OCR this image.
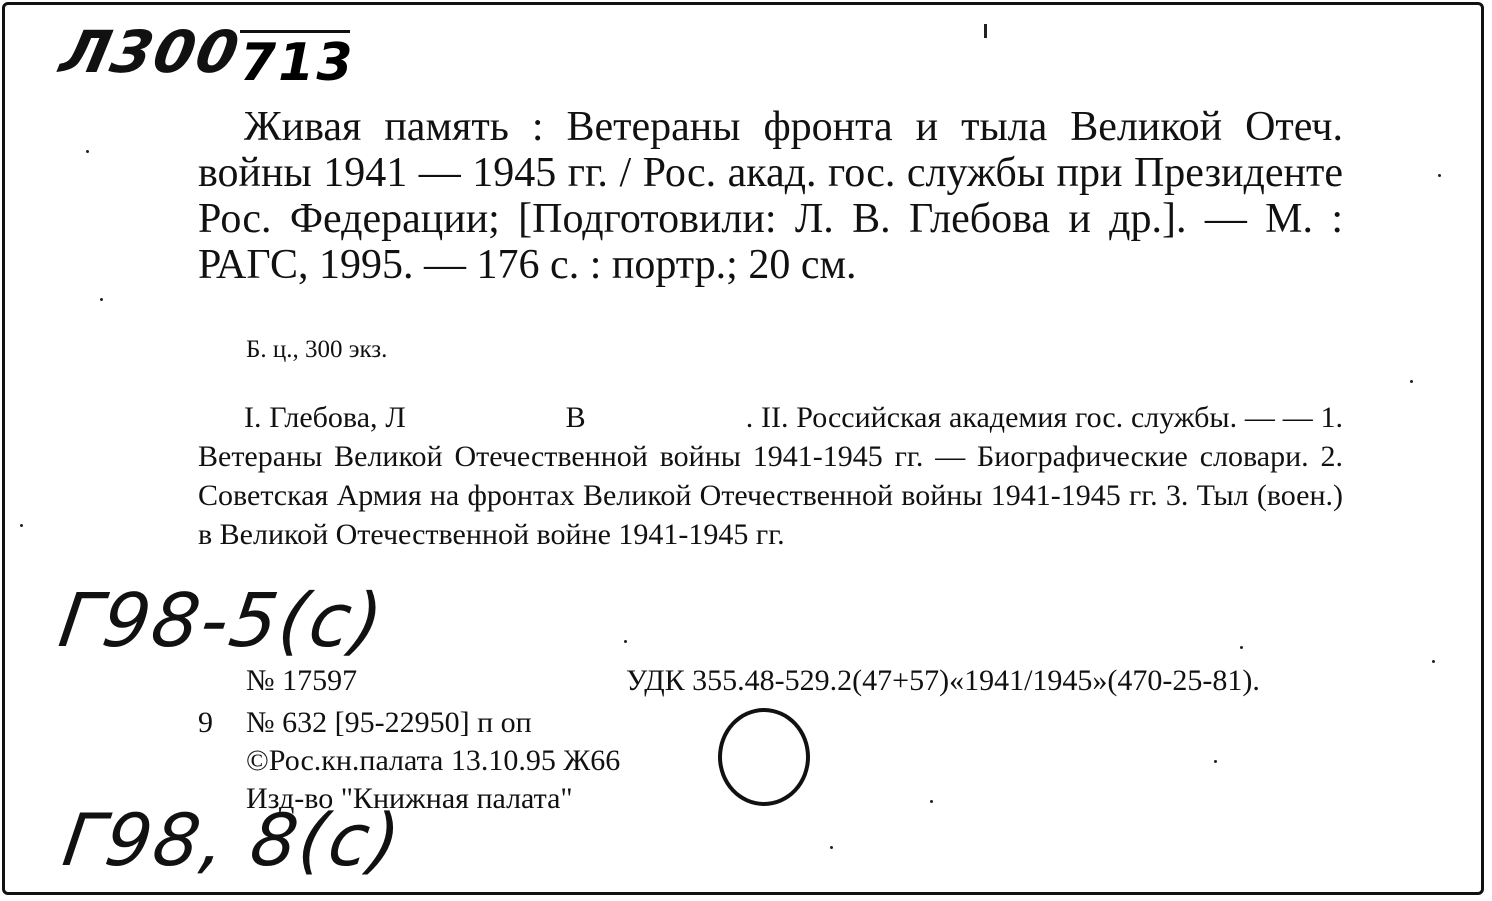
Л300
713
Живая память : Ветераны фронта и тыла Великой Отеч. войны 1941 — 1945 гг. / Рос. акад. гос. службы при Президенте Рос. Федерации; [Подготовили: Л. В. Глебова и др.]. — М. : РАГС, 1995. — 176 с. : портр.; 20 см.
Б. ц., 300 экз.
I. Глебова, Л	В	. II. Российская академия гос. службы. — — 1. Ветераны Великой Отечественной войны 1941-1945 гг. — Биографические словари. 2. Советская Армия на фронтах Великой Отечественной войны 1941-1945 гг. 3. Тыл (воен.) в Великой Отечественной войне 1941-1945 гг.
Г98-5(с)
№ 17597	УДК 355.48-529.2(47+57)«1941/1945»(470-25-81).
9 № 632 [95-22950] п оп
©Рос.кн.палата 13.10.95 Ж66
Изд-во "Книжная палата"
Г98, 8(с)
